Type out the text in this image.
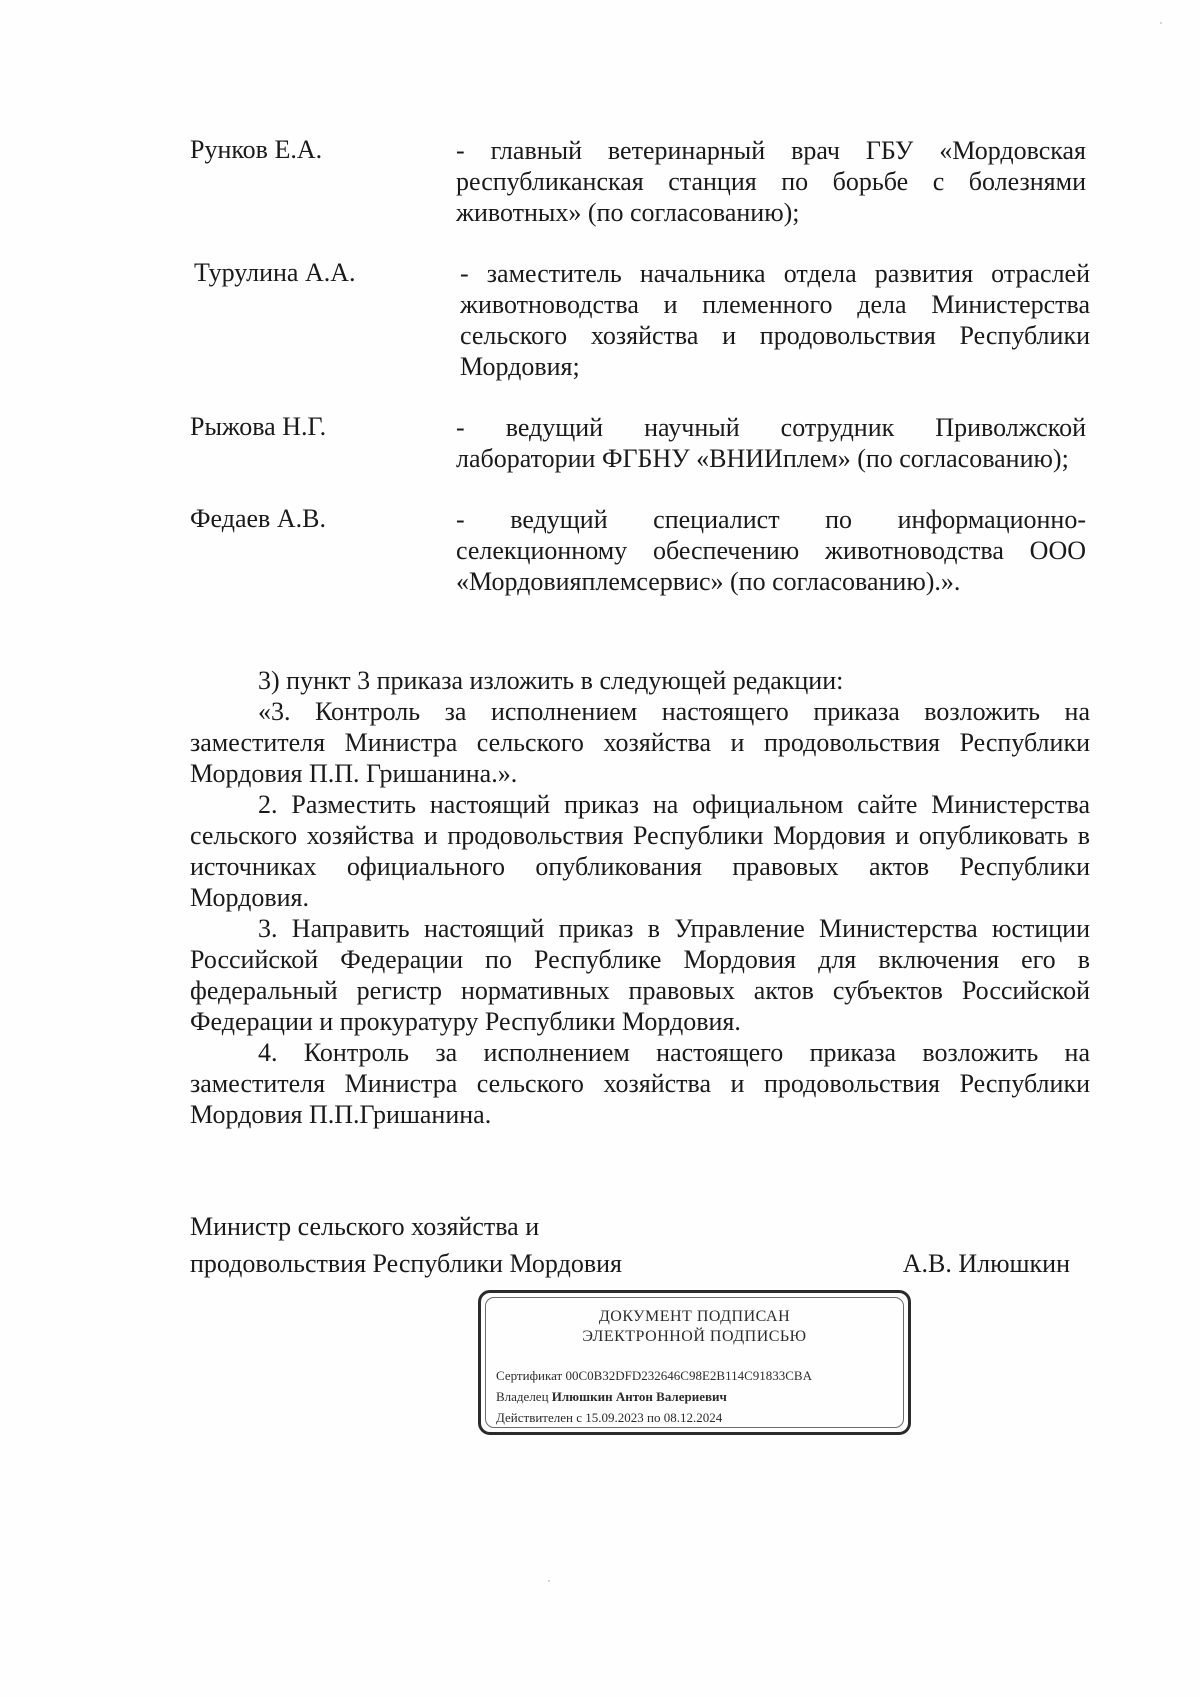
Рунков Е.А.	- главный ветеринарный врач ГБУ «Мордовская республиканская станция по борьбе с болезнями животных» (по согласованию);
Турулина А.А.	- заместитель начальника отдела развития отраслей животноводства и племенного дела Министерства сельского хозяйства и продовольствия Республики Мордовия;
Рыжова Н.Г.	- ведущий научный сотрудник Приволжской лаборатории ФГБНУ «ВНИИплем» (по согласованию);
Федаев А.В.	- ведущий специалист по информационно-селекционному обеспечению животноводства ООО «Мордовияплемсервис» (по согласованию).».

3) пункт 3 приказа изложить в следующей редакции:

«3. Контроль за исполнением настоящего приказа возложить на заместителя Министра сельского хозяйства и продовольствия Республики Мордовия П.П. Гришанина.».

2. Разместить настоящий приказ на официальном сайте Министерства сельского хозяйства и продовольствия Республики Мордовия и опубликовать в источниках официального опубликования правовых актов Республики Мордовия.

3. Направить настоящий приказ в Управление Министерства юстиции Российской Федерации по Республике Мордовия для включения его в федеральный регистр нормативных правовых актов субъектов Российской Федерации и прокуратуру Республики Мордовия.

4. Контроль за исполнением настоящего приказа возложить на заместителя Министра сельского хозяйства и продовольствия Республики Мордовия П.П.Гришанина.

Министр сельского хозяйства и
продовольствия Республики Мордовия	А.В. Илюшкин
ДОКУМЕНТ ПОДПИСАН
ЭЛЕКТРОННОЙ ПОДПИСЬЮ
Сертификат 00C0B32DFD232646C98E2B114C91833CBA
Владелец Илюшкин Антон Валериевич
Действителен с 15.09.2023 по 08.12.2024
